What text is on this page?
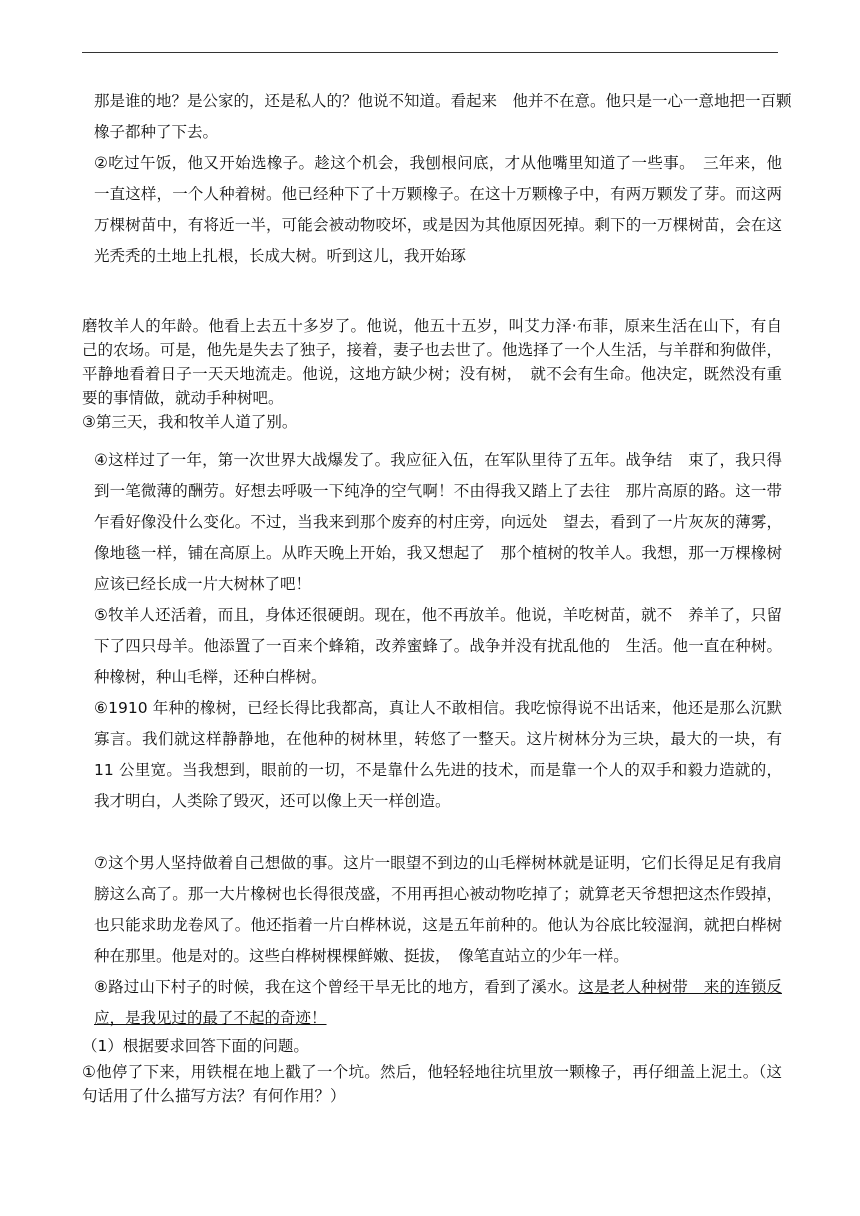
那是谁的地？是公家的，还是私人的？他说不知道。看起来　他并不在意。他只是一心一意地把一百颗

橡子都种了下去。

②吃过午饭，他又开始选橡子。趁这个机会，我刨根问底，才从他嘴里知道了一些事。　三年来，他一直这样，一个人种着树。他已经种下了十万颗橡子。在这十万颗橡子中，有两万颗发了芽。而这两万棵树苗中，有将近一半，可能会被动物咬坏，或是因为其他原因死掉。剩下的一万棵树苗，会在这光秃秃的土地上扎根，长成大树。听到这儿，我开始琢
磨牧羊人的年龄。他看上去五十多岁了。他说，他五十五岁，叫艾力泽·布菲，原来生活在山下，有自己的农场。可是，他先是失去了独子，接着，妻子也去世了。他选择了一个人生活，与羊群和狗做伴，平静地看着日子一天天地流走。他说，这地方缺少树；没有树，　就不会有生命。他决定，既然没有重要的事情做，就动手种树吧。
③第三天，我和牧羊人道了别。
④这样过了一年，第一次世界大战爆发了。我应征入伍，在军队里待了五年。战争结　束了，我只得到一笔微薄的酬劳。好想去呼吸一下纯净的空气啊！不由得我又踏上了去往　那片高原的路。这一带乍看好像没什么变化。不过，当我来到那个废弃的村庄旁，向远处　望去，看到了一片灰灰的薄雾，像地毯一样，铺在高原上。从昨天晚上开始，我又想起了　那个植树的牧羊人。我想，那一万棵橡树应该已经长成一片大树林了吧！
⑤牧羊人还活着，而且，身体还很硬朗。现在，他不再放羊。他说，羊吃树苗，就不　养羊了，只留下了四只母羊。他添置了一百来个蜂箱，改养蜜蜂了。战争并没有扰乱他的　生活。他一直在种树。种橡树，种山毛榉，还种白桦树。
⑥1910 年种的橡树，已经长得比我都高，真让人不敢相信。我吃惊得说不出话来，他还是那么沉默寡言。我们就这样静静地，在他种的树林里，转悠了一整天。这片树林分为三块，最大的一块，有 11 公里宽。当我想到，眼前的一切，不是靠什么先进的技术，而是靠一个人的双手和毅力造就的，我才明白，人类除了毁灭，还可以像上天一样创造。
⑦这个男人坚持做着自己想做的事。这片一眼望不到边的山毛榉树林就是证明，它们长得足足有我肩膀这么高了。那一大片橡树也长得很茂盛，不用再担心被动物吃掉了；就算老天爷想把这杰作毁掉，也只能求助龙卷风了。他还指着一片白桦林说，这是五年前种的。他认为谷底比较湿润，就把白桦树种在那里。他是对的。这些白桦树棵棵鲜嫩、挺拔，　像笔直站立的少年一样。
⑧路过山下村子的时候，我在这个曾经干旱无比的地方，看到了溪水。这是老人种树带　来的连锁反应，是我见过的最了不起的奇迹！

（1）根据要求回答下面的问题。

①他停了下来，用铁棍在地上戳了一个坑。然后，他轻轻地往坑里放一颗橡子，再仔细盖上泥土。（这句话用了什么描写方法？有何作用？）
